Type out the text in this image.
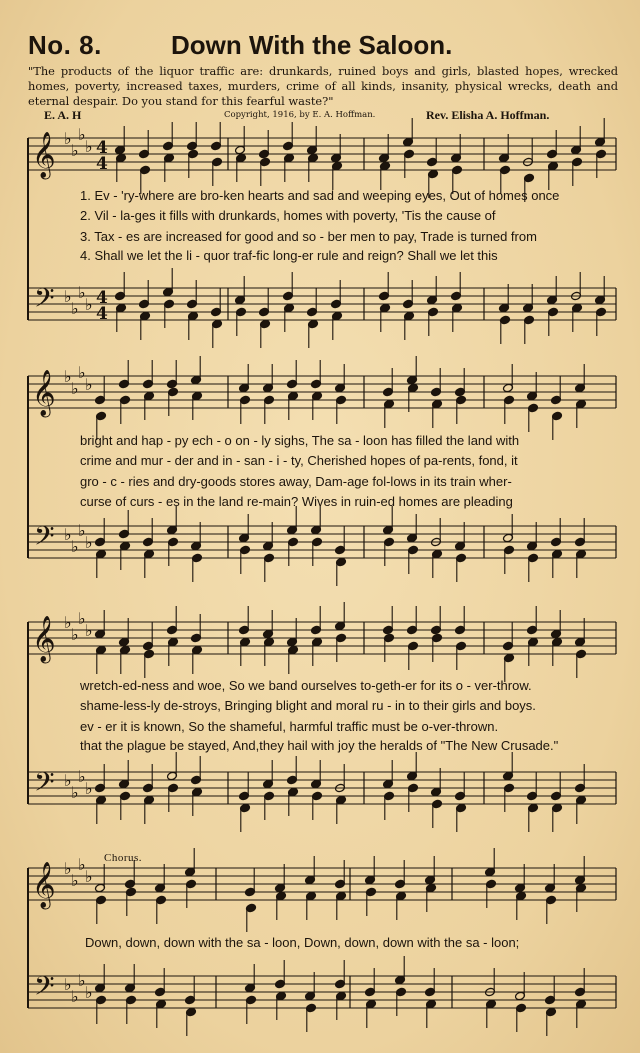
No. 8.	Down With the Saloon.
"The products of the liquor traffic are: drunkards, ruined boys and girls, blasted hopes, wrecked homes, poverty, increased taxes, murders, crime of all kinds, insanity, physical wrecks, death and eternal despair. Do you stand for this fearful waste?"
E. A. H	Copyright, 1916, by E. A. Hoffman.	Rev. Elisha A. Hoffman.
𝄞
𝄢
♭
♭
♭
♭
♭
♭
♭
♭
4
4
4
4
𝄞
𝄢
♭
♭
♭
♭
♭
♭
♭
♭
𝄞
𝄢
♭
♭
♭
♭
♭
♭
♭
♭
𝄞
𝄢
♭
♭
♭
♭
♭
♭
♭
♭
1. Ev - 'ry-where are bro-ken hearts and sad and weeping eyes, Out of homes once
2. Vil - la-ges it fills with drunkards, homes with poverty, 'Tis the cause of
3. Tax - es are increased for good and so - ber men to pay, Trade is turned from
4. Shall we let the li - quor traf-fic long-er rule and reign? Shall we let this
bright and hap - py ech - o on - ly sighs, The sa - loon has filled the land with
crime and mur - der and in - san - i - ty, Cherished hopes of pa-rents, fond, it
gro - c - ries and dry-goods stores away, Dam-age fol-lows in its train wher-
curse of curs - es in the land re-main? Wives in ruin-ed homes are pleading
wretch-ed-ness and woe, So we band ourselves to-geth-er for its o - ver-throw.
shame-less-ly de-stroys, Bringing blight and moral ru - in to their girls and boys.
ev - er it is known, So the shameful, harmful traffic must be o-ver-thrown.
that the plague be stayed, And,they hail with joy the heralds of "The New Crusade."
Chorus.
Down, down, down with the sa - loon, Down, down, down with the sa - loon;
